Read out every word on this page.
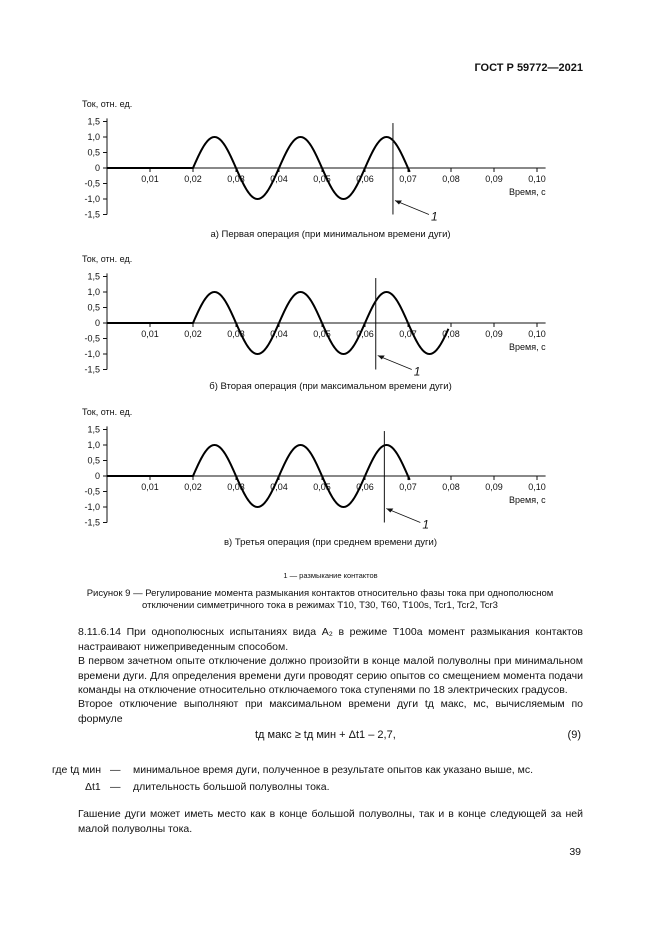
ГОСТ Р 59772—2021
Ток, отн. ед.
1,5
1,0
0,5
0
-0,5
-1,0
-1,5
0,01	0,02	0,03	0,04	0,05	0,06	0,07	0,08	0,09	0,10
Время, с
1
а) Первая операция (при минимальном времени дуги)
Ток, отн. ед.
1,5
1,0
0,5
0
-0,5
-1,0
-1,5
0,01	0,02	0,03	0,04	0,05	0,06	0,07	0,08	0,09	0,10
Время, с
1
б) Вторая операция (при максимальном времени дуги)
Ток, отн. ед.
1,5
1,0
0,5
0
-0,5
-1,0
-1,5
0,01	0,02	0,03	0,04	0,05	0,06	0,07	0,08	0,09	0,10
Время, с
1
в) Третья операция (при среднем времени дуги)
1 — размыкание контактов
Рисунок 9 — Регулирование момента размыкания контактов относительно фазы тока при однополюсном отключении симметричного тока в режимах Т10, Т30, Т60, Т100s, Tcr1, Tcr2, Tcr3
8.11.6.14 При однополюсных испытаниях вида A₂ в режиме Т100а момент размыкания контактов настраивают нижеприведенным способом.
В первом зачетном опыте отключение должно произойти в конце малой полуволны при минимальном времени дуги. Для определения времени дуги проводят серию опытов со смещением момента подачи команды на отключение относительно отключаемого тока ступенями по 18 электрических градусов.
Второе отключение выполняют при максимальном времени дуги tд макс, мс, вычисляемым по формуле
tд макс ≥ tд мин + Δt1 – 2,7,	(9)
где tд мин — минимальное время дуги, полученное в результате опытов как указано выше, мс.
Δt1 — длительность большой полуволны тока.
Гашение дуги может иметь место как в конце большой полуволны, так и в конце следующей за ней малой полуволны тока.
39
